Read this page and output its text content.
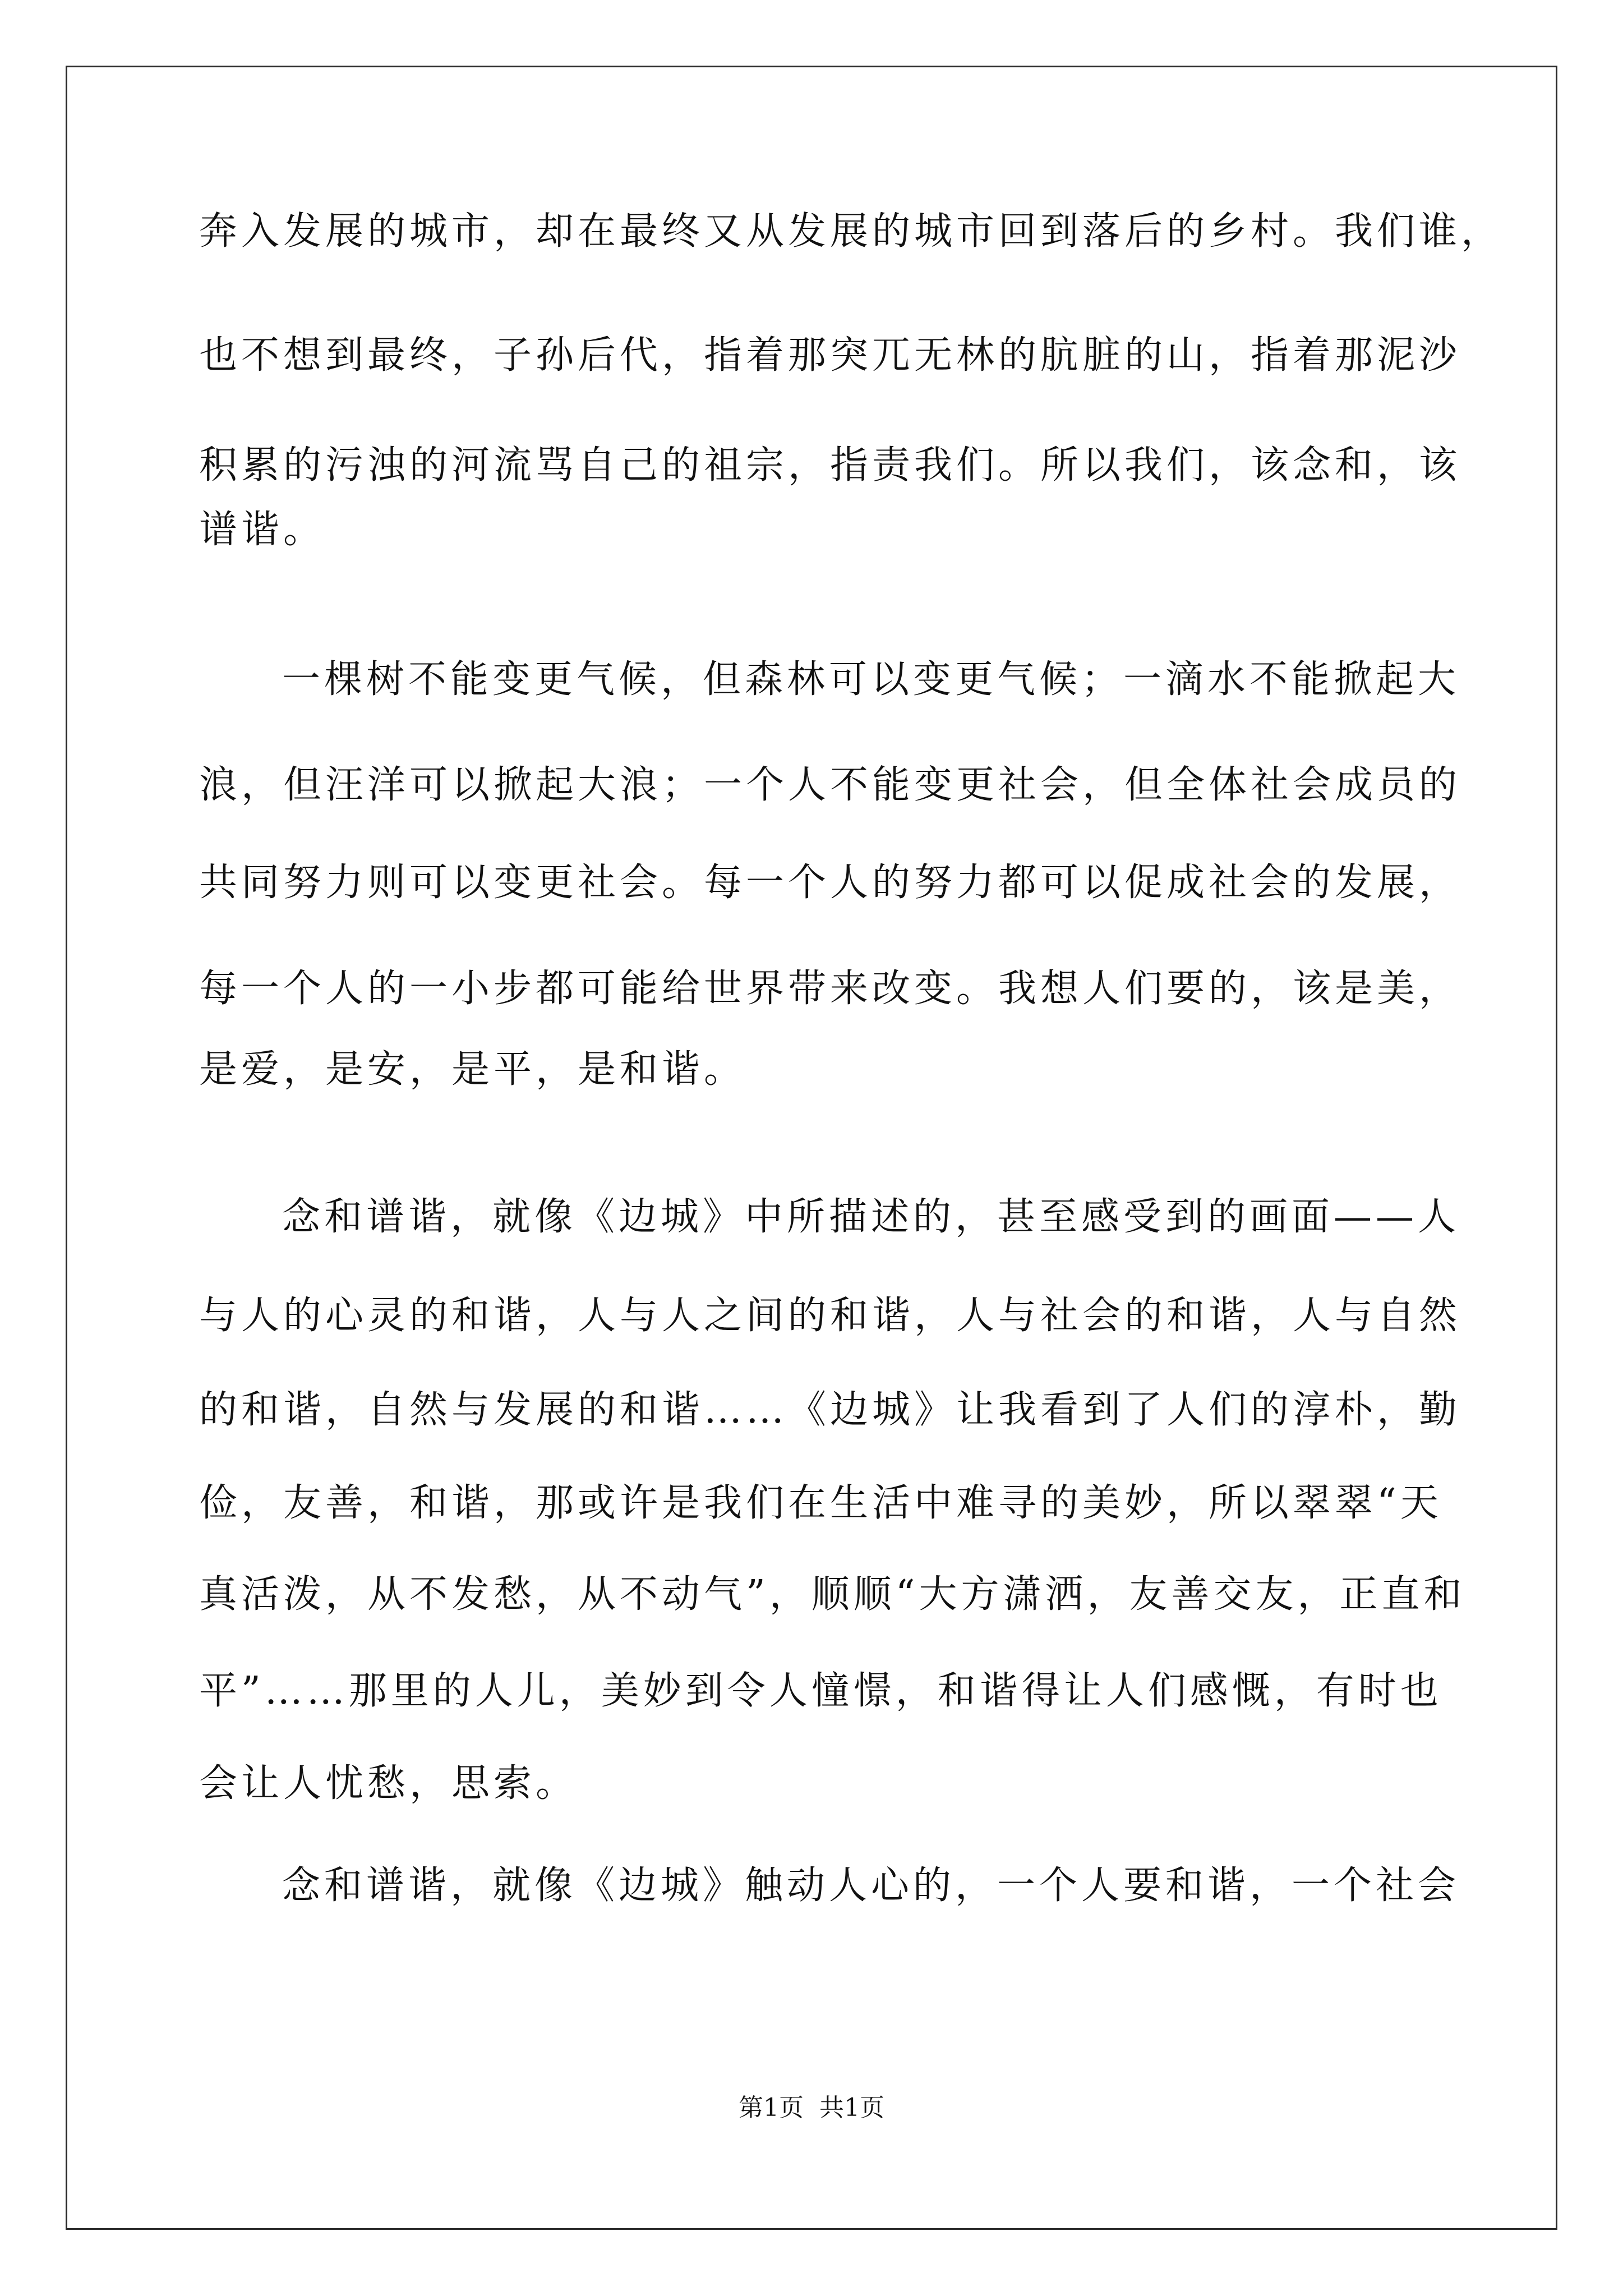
奔入发展的城市，却在最终又从发展的城市回到落后的乡村。我们谁，

也不想到最终，子孙后代，指着那突兀无林的肮脏的山，指着那泥沙

积累的污浊的河流骂自己的祖宗，指责我们。所以我们，该念和，该

谱谐。

一棵树不能变更气候，但森林可以变更气候；一滴水不能掀起大

浪，但汪洋可以掀起大浪；一个人不能变更社会，但全体社会成员的

共同努力则可以变更社会。每一个人的努力都可以促成社会的发展，

每一个人的一小步都可能给世界带来改变。我想人们要的，该是美，

是爱，是安，是平，是和谐。

念和谱谐，就像《边城》中所描述的，甚至感受到的画面——人

与人的心灵的和谐，人与人之间的和谐，人与社会的和谐，人与自然

的和谐，自然与发展的和谐……《边城》让我看到了人们的淳朴，勤

俭，友善，和谐，那或许是我们在生活中难寻的美妙，所以翠翠“天

真活泼，从不发愁，从不动气”，顺顺“大方潇洒，友善交友，正直和

平”……那里的人儿，美妙到令人憧憬，和谐得让人们感慨，有时也

会让人忧愁，思索。

念和谱谐，就像《边城》触动人心的，一个人要和谐，一个社会

第1页  共1页
